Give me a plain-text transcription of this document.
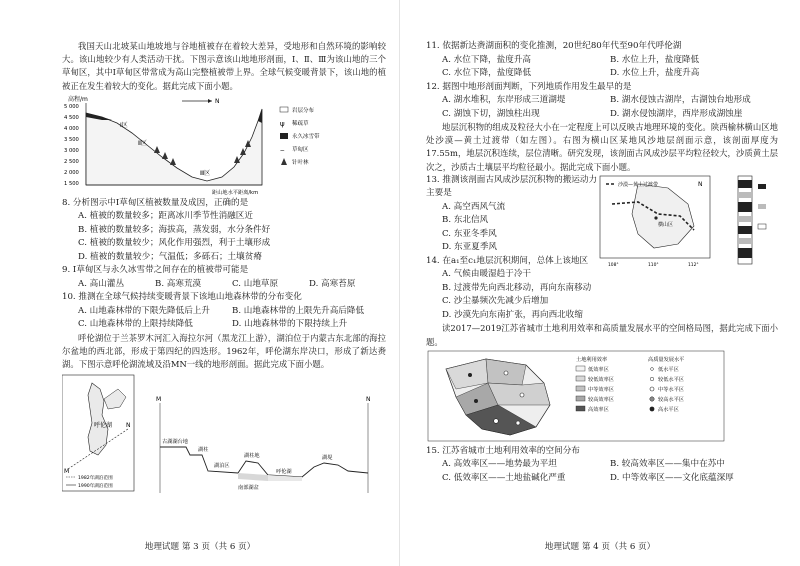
我国天山北坡某山地坡地与谷地植被存在着较大差异，受地形和自然环境的影响较大。该山地较少有人类活动干扰。下图示意该山地地形剖面，Ⅰ、Ⅱ、Ⅲ为该山地的三个草甸区，其中Ⅰ草甸区带常成为高山完整植被带上界。全球气候变暖背景下，该山地的植被正在发生着较大的变化。据此完成下面小题。

高程/m
5 000
4 500
4 000
3 500
3 000
2 500
2 000
1 500
Ⅰ区
Ⅱ区
Ⅲ区
N
距山地水平距离/km
岩层分布
ψ 稀疏草
永久冰雪带
⌢ 草甸区
针叶林
8. 分析图示中Ⅰ草甸区植被数量及成因，正确的是
A. 植被的数量较多；距离冰川季节性消融区近
B. 植被的数量较多；海拔高，蒸发弱，水分条件好
C. 植被的数量较少；风化作用强烈，利于土壤形成
D. 植被的数量较少；气温低；多砾石；土壤贫瘠
9. Ⅰ草甸区与永久冰雪带之间存在的植被带可能是
A. 高山灌丛	B. 高寒荒漠	C. 山地草原	D. 高寒苔原
10. 推测在全球气候持续变暖背景下该地山地森林带的分布变化
A. 山地森林带的下限先降低后上升	B. 山地森林带的上限先升高后降低
C. 山地森林带的上限持续降低	D. 山地森林带的下限持续上升

呼伦湖位于兰茶罗木河汇入海拉尔河（黑龙江上游），湖泊位于内蒙古东北部的海拉尔盆地的西北部，形成于第四纪的四迭形。1962年，呼伦湖东岸决口，形成了新达赉湖。下图示意呼伦湖流域及沿MN一线的地形剖面。据此完成下面小题。

呼伦湖
M
N
1982年湖泊范围
1990年湖泊范围
M	N
古湖湖台地
湖柱
湖泊区
湖柱地
南部湖盆
呼伦湖
湖堤
地理试题 第 3 页（共 6 页）
11. 依据新达赉湖面积的变化推测，20世纪80年代至90年代呼伦湖
A. 水位下降，盐度升高	B. 水位上升，盐度降低
C. 水位下降，盐度降低	D. 水位上升，盐度升高
12. 据图中地形剖面判断，下列地质作用发生最早的是
A. 湖水堆积，东岸形成三道湖堤	B. 湖水侵蚀古湖岸，古湖蚀台地形成
C. 湖蚀下切，湖蚀柱出现	D. 湖水侵蚀湖岸，西岸形成湖蚀崖

地层沉积物的组成及粒径大小在一定程度上可以反映古地理环境的变化。陕西榆林横山区地处沙漠—黄土过渡带（如左图）。右图为横山区某地风沙地层剖面示意，该剖面厚度为17.55m，地层沉积连续，层位清晰。研究发现，该剖面古风成沙层平均粒径较大，沙质黄土层次之，沙质古土壤层平均粒径最小。据此完成下面小题。

13. 推测该剖面古风成沙层沉积物的搬运动力主要是
A. 高空西风气流
B. 东北信风
C. 东亚冬季风
D. 东亚夏季风
14. 在a₁至c₁地层沉积期间，总体上该地区
A. 气候由暖湿趋于冷干
B. 过渡带先向西北移动，再向东南移动
C. 沙尘暴频次先减少后增加
D. 沙漠先向东南扩张，再向西北收缩
横山区
沙漠—黄土过渡带	N
108°	110°	112°

读2017—2019江苏省城市土地利用效率和高质量发展水平的空间格局图，据此完成下面小题。

土地利用效率
低效率区
较低效率区
中等效率区
较高效率区
高效率区
高质量发展水平
低水平区
较低水平区
中等水平区
较高水平区
高水平区
15. 江苏省城市土地利用效率的空间分布
A. 高效率区——地势最为平坦	B. 较高效率区——集中在苏中
C. 低效率区——土地盐碱化严重	D. 中等效率区——文化底蕴深厚
地理试题 第 4 页（共 6 页）
